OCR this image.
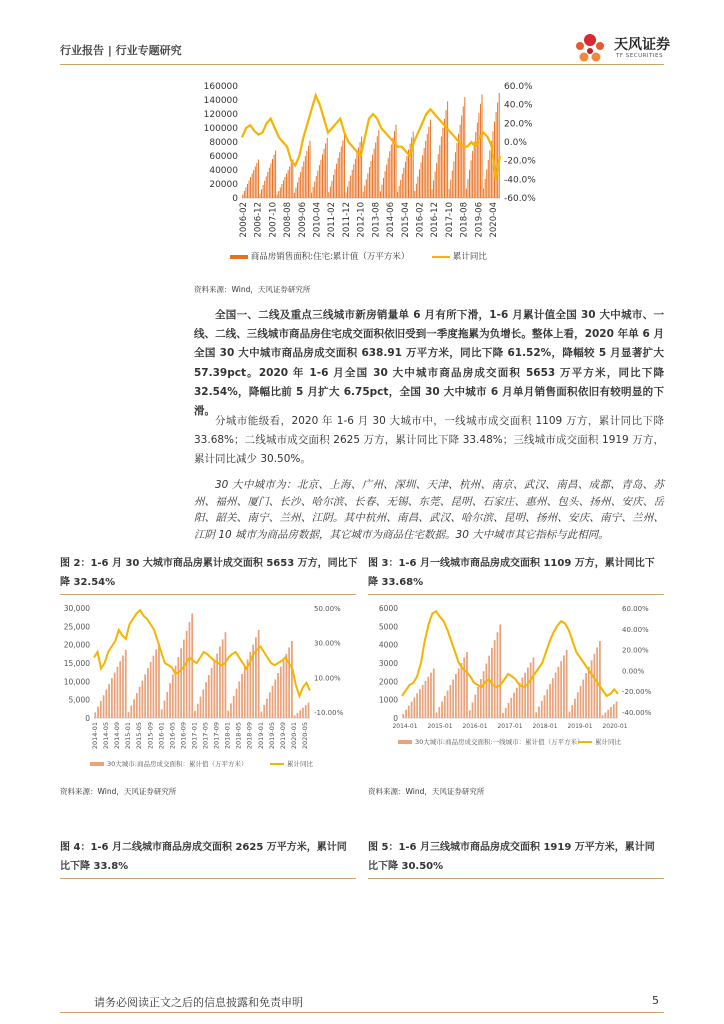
行业报告 | 行业专题研究	天风证券
TF SECURITIES
0
20000
40000
60000
80000
100000
120000
140000
160000
-60.0%
-40.0%
-20.0%
0.0%
20.0%
40.0%
60.0%
2006-02 2006-12 2007-10 2008-08 2009-06 2010-04 2011-02 2011-12 2012-10 2013-08 2014-06 2015-04 2016-02 2016-12 2017-10 2018-08 2019-06 2020-04
商品房销售面积:住宅:累计值（万平方米）	累计同比
资料来源：Wind，天风证券研究所

全国一、二线及重点三线城市新房销量单 6 月有所下滑，1-6 月累计值全国 30 大中城市、一线、二线、三线城市商品房住宅成交面积依旧受到一季度拖累为负增长。整体上看，2020 年单 6 月全国 30 大中城市商品房成交面积 638.91 万平方米，同比下降 61.52%，降幅较 5 月显著扩大 57.39pct。2020 年 1-6 月全国 30 大中城市商品房成交面积 5653 万平方米，同比下降 32.54%，降幅比前 5 月扩大 6.75pct，全国 30 大中城市 6 月单月销售面积依旧有较明显的下滑。

分城市能级看，2020 年 1-6 月 30 大城市中，一线城市成交面积 1109 万方，累计同比下降 33.68%；二线城市成交面积 2625 万方，累计同比下降 33.48%；三线城市成交面积 1919 万方，累计同比减少 30.50%。

30 大中城市为：北京、上海、广州、深圳、天津、杭州、南京、武汉、南昌、成都、青岛、苏州、福州、厦门、长沙、哈尔滨、长春、无锡、东莞、昆明、石家庄、惠州、包头、扬州、安庆、岳阳、韶关、南宁、兰州、江阴。其中杭州、南昌、武汉、哈尔滨、昆明、扬州、安庆、南宁、兰州、江阴 10 城市为商品房数据，其它城市为商品住宅数据。30 大中城市其它指标与此相同。

图 2：1-6 月 30 大城市商品房累计成交面积 5653 万方，同比下降 32.54%
0
5,000
10,000
15,000
20,000
25,000
30,000
-10.00%
10.00%
30.00%
50.00%
2014-01 2014-05 2014-09 2015-01 2015-05 2015-09 2016-01 2016-05 2016-09 2017-01 2017-05 2017-09 2018-01 2018-05 2018-09 2019-01 2019-05 2019-09 2020-01 2020-05
30大城市:商品房成交面积：累计值（万平方米）	累计同比
资料来源：Wind，天风证券研究所
图 3：1-6 月一线城市商品房成交面积 1109 万方，累计同比下降 33.68%
0
1000
2000
3000
4000
5000
6000
-40.00%
-20.00%
0.00%
20.00%
40.00%
60.00%
2014-01 2015-01 2016-01 2017-01 2018-01 2019-01 2020-01
30大城市:商品房成交面积:一线城市：累计值（万平方米） 累计同比
资料来源：Wind，天风证券研究所
图 4：1-6 月二线城市商品房成交面积 2625 万平方米，累计同比下降 33.8%
图 5：1-6 月三线城市商品房成交面积 1919 万平方米，累计同比下降 30.50%
请务必阅读正文之后的信息披露和免责申明	5
